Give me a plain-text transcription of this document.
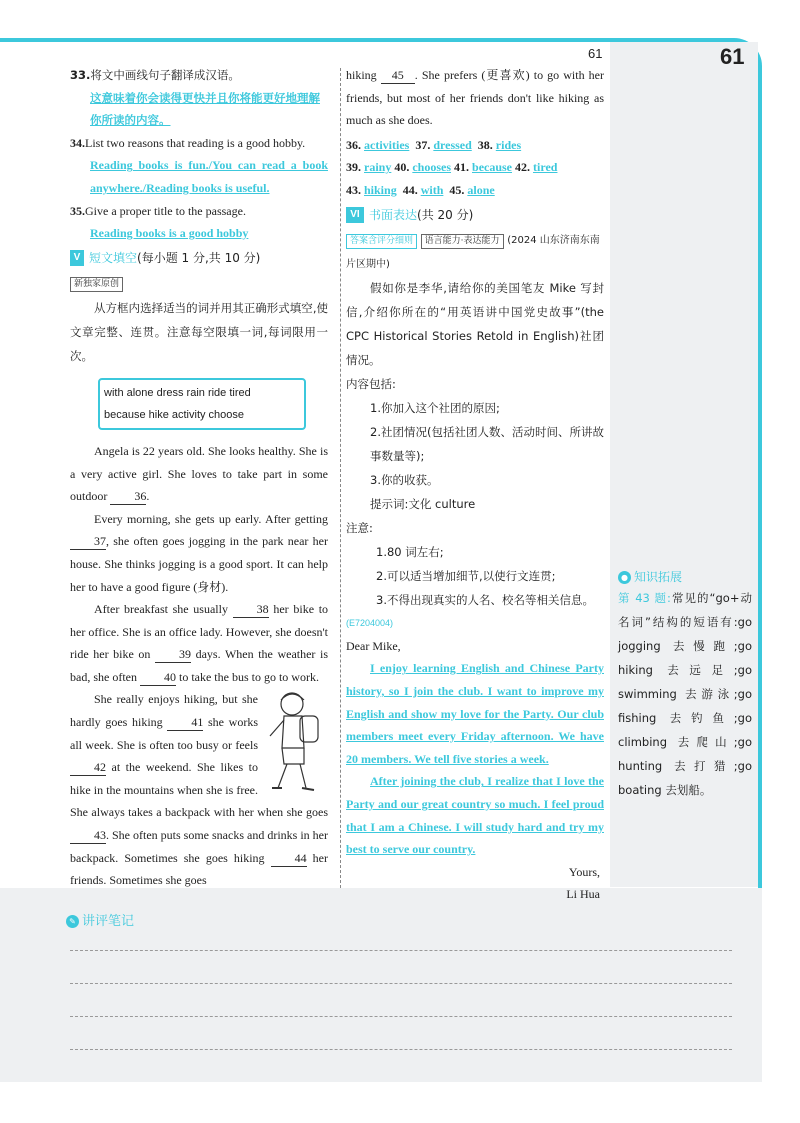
61	61

33.将文中画线句子翻译成汉语。

这意味着你会读得更快并且你将能更好地理解你所读的内容。

34.List two reasons that reading is a good hobby.

Reading books is fun./You can read a book anywhere./Reading books is useful.

35.Give a proper title to the passage.

Reading books is a good hobby

V 短文填空 (每小题 1 分,共 10 分)
新独家原创

从方框内选择适当的词并用其正确形式填空,使文章完整、连贯。注意每空限填一词,每词限用一次。

with alone dress rain ride tired
because hike activity choose

Angela is 22 years old. She looks healthy. She is a very active girl. She loves to take part in some outdoor 36.

Every morning, she gets up early. After getting 37, she often goes jogging in the park near her house. She thinks jogging is a good sport. It can help her to have a good figure (身材).

After breakfast she usually 38 her bike to her office. She is an office lady. However, she doesn't ride her bike on 39 days. When the weather is bad, she often 40 to take the bus to go to work.

She really enjoys hiking, but she hardly goes hiking 41 she works all week. She is often too busy or feels 42 at the weekend. She likes to hike in the mountains when she is free. She always takes a backpack with her when she goes 43. She often puts some snacks and drinks in her backpack. Sometimes she goes hiking	44 her friends. Sometimes she goes

hiking 45 . She prefers (更喜欢) to go with her friends, but most of her friends don't like hiking as much as she does.

36. activities 37. dressed 38. rides

39. rainy 40. chooses 41. because 42. tired

43. hiking 44. with 45. alone

VI 书面表达 (共 20 分)
答案含评分细则 语言能力·表达能力 (2024 山东济南东南片区期中)

假如你是李华,请给你的美国笔友 Mike 写封信,介绍你所在的“用英语讲中国党史故事”(the CPC Historical Stories Retold in English)社团情况。

内容包括:

1.你加入这个社团的原因;

2.社团情况(包括社团人数、活动时间、所讲故事数量等);

3.你的收获。

提示词:文化 culture

注意:

1.80 词左右;

2.可以适当增加细节,以使行文连贯;

3.不得出现真实的人名、校名等相关信息。

(E7204004)

Dear Mike,

I enjoy learning English and Chinese Party history, so I join the club. I want to improve my English and show my love for the Party. Our club members meet every Friday afternoon. We have 20 members. We tell five stories a week.

After joining the club, I realize that I love the Party and our great country so much. I feel proud that I am a Chinese. I will study hard and try my best to serve our country.

Yours,

Li Hua

● 知识拓展
第 43 题:常见的“go+动名词”结构的短语有:go jogging 去慢跑;go hiking 去远足;go swimming 去游泳;go fishing 去钓鱼;go climbing 去爬山;go hunting 去打猎;go boating 去划船。
✎ 讲评笔记
